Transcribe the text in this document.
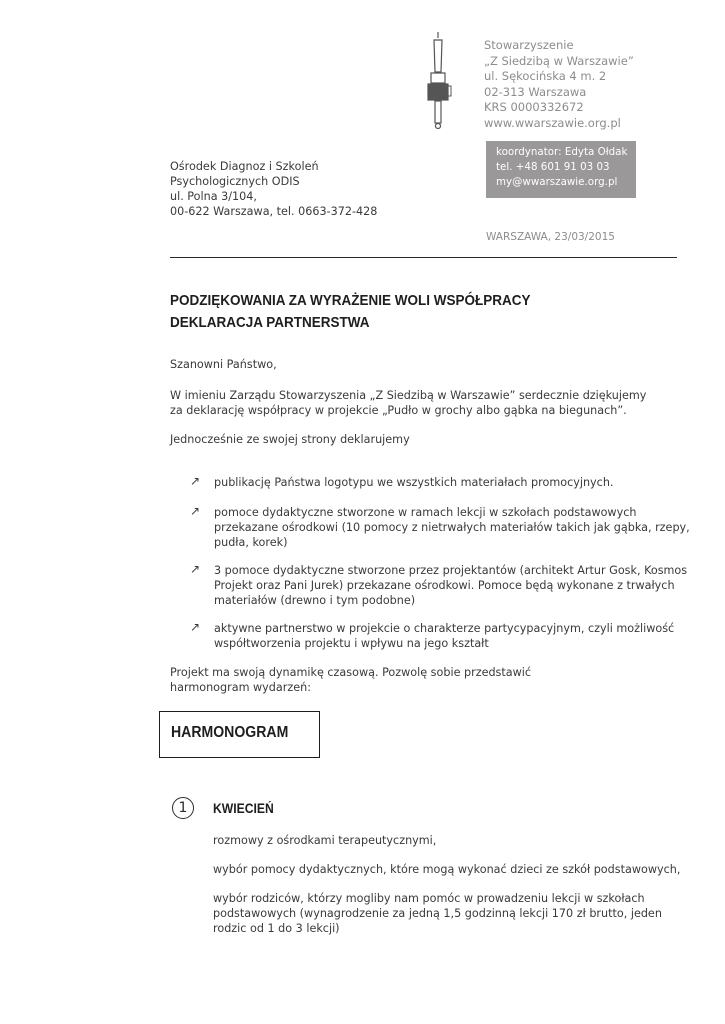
Stowarzyszenie
„Z Siedzibą w Warszawie”
ul. Sękocińska 4 m. 2
02-313 Warszawa
KRS 0000332672
www.wwarszawie.org.pl
koordynator: Edyta Ołdak
tel. +48 601 91 03 03
my@wwarszawie.org.pl
Ośrodek Diagnoz i Szkoleń
Psychologicznych ODIS
ul. Polna 3/104,
00-622 Warszawa, tel. 0663-372-428
WARSZAWA, 23/03/2015
PODZIĘKOWANIA ZA WYRAŻENIE WOLI WSPÓŁPRACY
DEKLARACJA PARTNERSTWA
Szanowni Państwo,
W imieniu Zarządu Stowarzyszenia „Z Siedzibą w Warszawie” serdecznie dziękujemy
za deklarację współpracy w projekcie „Pudło w grochy albo gąbka na biegunach”.
Jednocześnie ze swojej strony deklarujemy
↗ publikację Państwa logotypu we wszystkich materiałach promocyjnych.
↗ pomoce dydaktyczne stworzone w ramach lekcji w szkołach podstawowych
przekazane ośrodkowi (10 pomocy z nietrwałych materiałów takich jak gąbka, rzepy,
pudła, korek)
↗ 3 pomoce dydaktyczne stworzone przez projektantów (architekt Artur Gosk, Kosmos
Projekt oraz Pani Jurek) przekazane ośrodkowi. Pomoce będą wykonane z trwałych
materiałów (drewno i tym podobne)
↗ aktywne partnerstwo w projekcie o charakterze partycypacyjnym, czyli możliwość
współtworzenia projektu i wpływu na jego kształt
Projekt ma swoją dynamikę czasową. Pozwolę sobie przedstawić
harmonogram wydarzeń:
HARMONOGRAM
1	KWIECIEŃ
rozmowy z ośrodkami terapeutycznymi,
wybór pomocy dydaktycznych, które mogą wykonać dzieci ze szkół podstawowych,
wybór rodziców, którzy mogliby nam pomóc w prowadzeniu lekcji w szkołach
podstawowych (wynagrodzenie za jedną 1,5 godzinną lekcji 170 zł brutto, jeden
rodzic od 1 do 3 lekcji)
